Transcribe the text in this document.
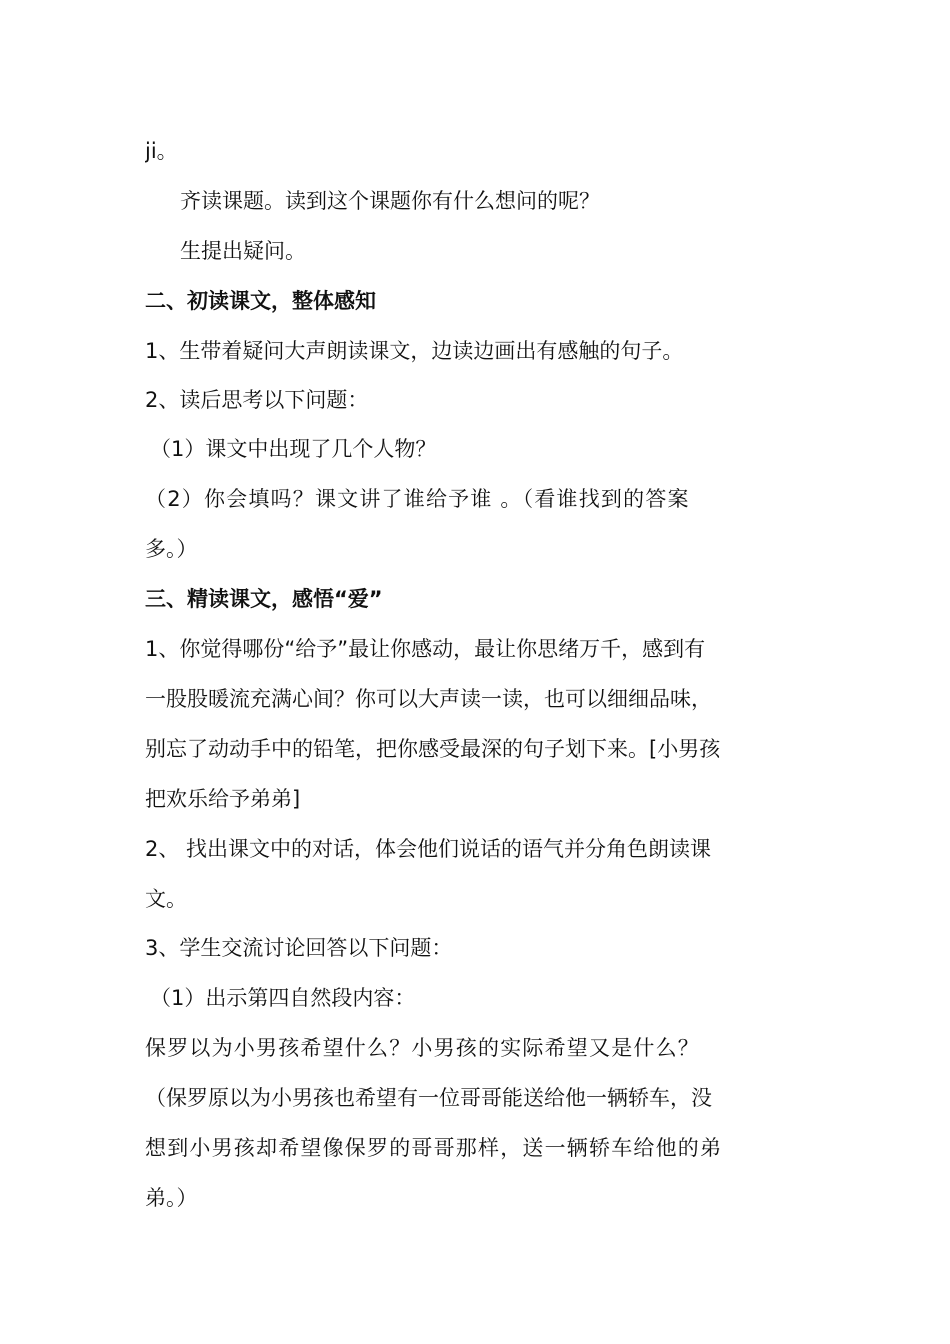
ji。
齐读课题。读到这个课题你有什么想问的呢？
生提出疑问。
二、初读课文，整体感知
1、生带着疑问大声朗读课文，边读边画出有感触的句子。
2、读后思考以下问题：
（1）课文中出现了几个人物？
（2）你会填吗？课文讲了谁给予谁 。（看谁找到的答案
多。）
三、精读课文，感悟“爱”
1、你觉得哪份“给予”最让你感动，最让你思绪万千，感到有
一股股暖流充满心间？你可以大声读一读，也可以细细品味，
别忘了动动手中的铅笔，把你感受最深的句子划下来。[小男孩
把欢乐给予弟弟]
2、 找出课文中的对话，体会他们说话的语气并分角色朗读课
文。
3、学生交流讨论回答以下问题：
（1）出示第四自然段内容：
保罗以为小男孩希望什么？小男孩的实际希望又是什么？
（保罗原以为小男孩也希望有一位哥哥能送给他一辆轿车，没
想到小男孩却希望像保罗的哥哥那样，送一辆轿车给他的弟
弟。）
